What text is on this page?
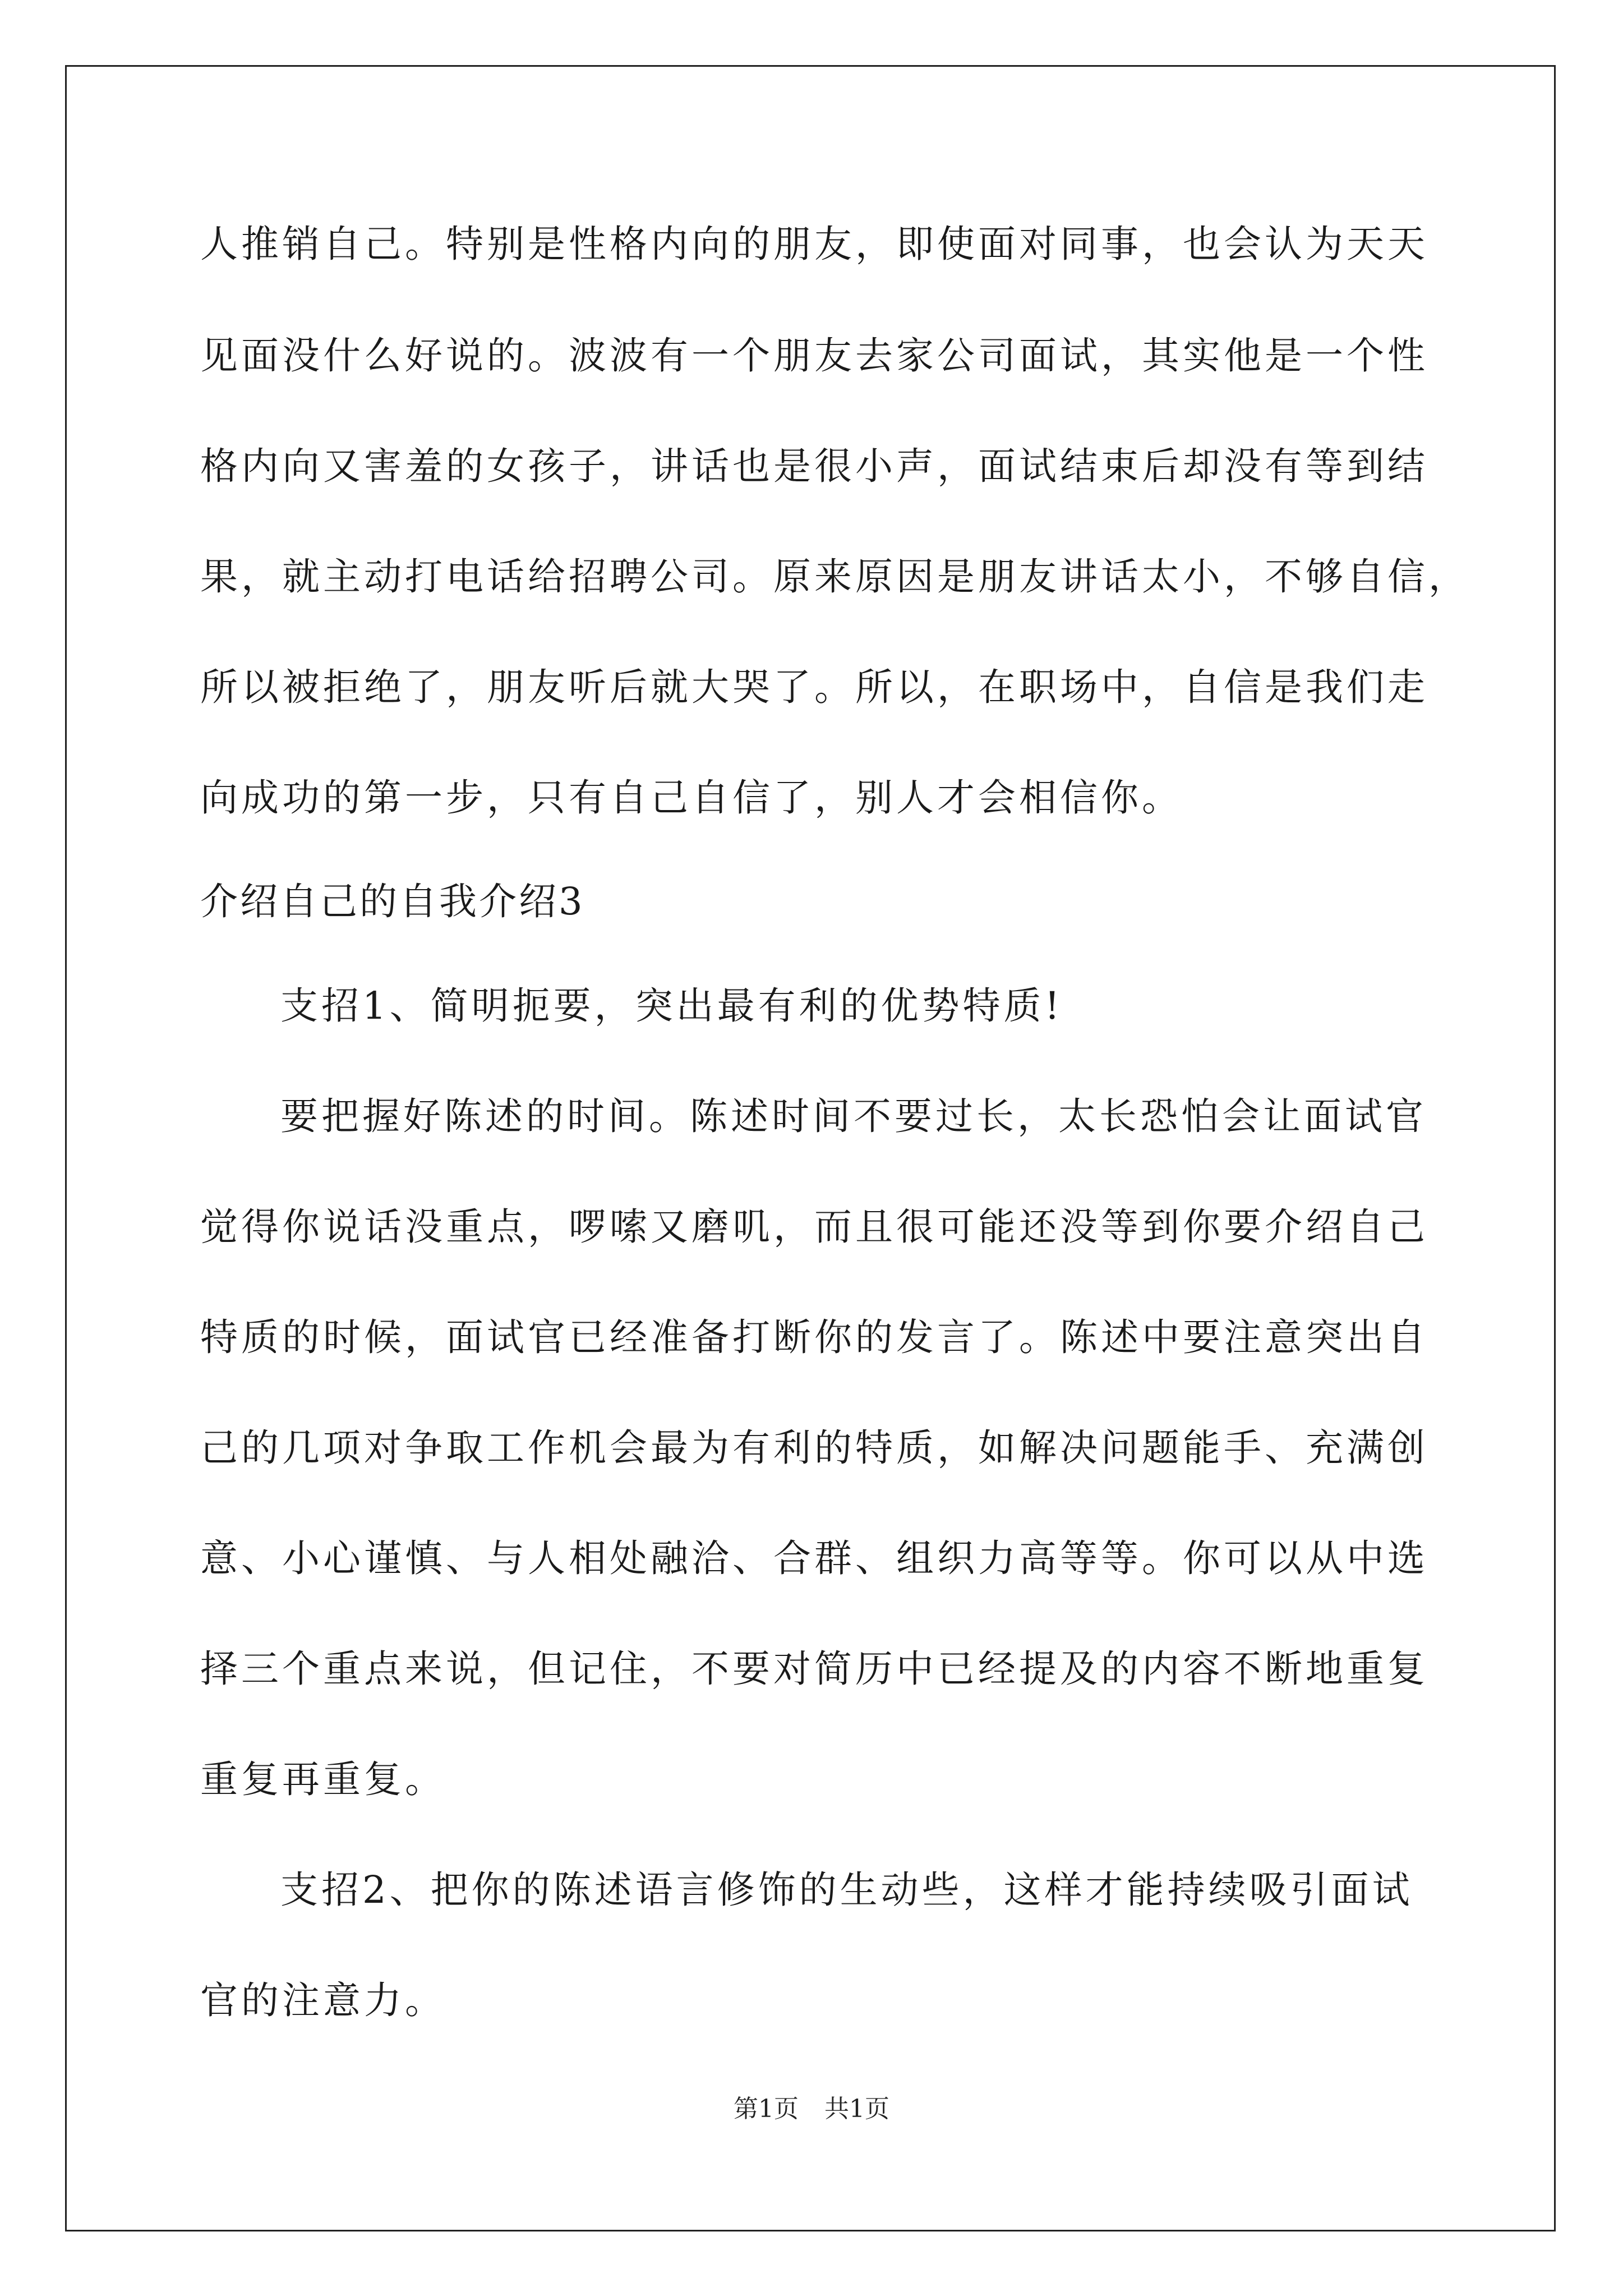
人推销自己。特别是性格内向的朋友，即使面对同事，也会认为天天
见面没什么好说的。波波有一个朋友去家公司面试，其实他是一个性
格内向又害羞的女孩子，讲话也是很小声，面试结束后却没有等到结
果，就主动打电话给招聘公司。原来原因是朋友讲话太小，不够自信，
所以被拒绝了，朋友听后就大哭了。所以，在职场中，自信是我们走
向成功的第一步，只有自己自信了，别人才会相信你。
介绍自己的自我介绍3
支招1、简明扼要，突出最有利的优势特质!
要把握好陈述的时间。陈述时间不要过长，太长恐怕会让面试官
觉得你说话没重点，啰嗦又磨叽，而且很可能还没等到你要介绍自己
特质的时候，面试官已经准备打断你的发言了。陈述中要注意突出自
己的几项对争取工作机会最为有利的特质，如解决问题能手、充满创
意、小心谨慎、与人相处融洽、合群、组织力高等等。你可以从中选
择三个重点来说，但记住，不要对简历中已经提及的内容不断地重复
重复再重复。
支招2、把你的陈述语言修饰的生动些，这样才能持续吸引面试
官的注意力。
第1页 共1页
